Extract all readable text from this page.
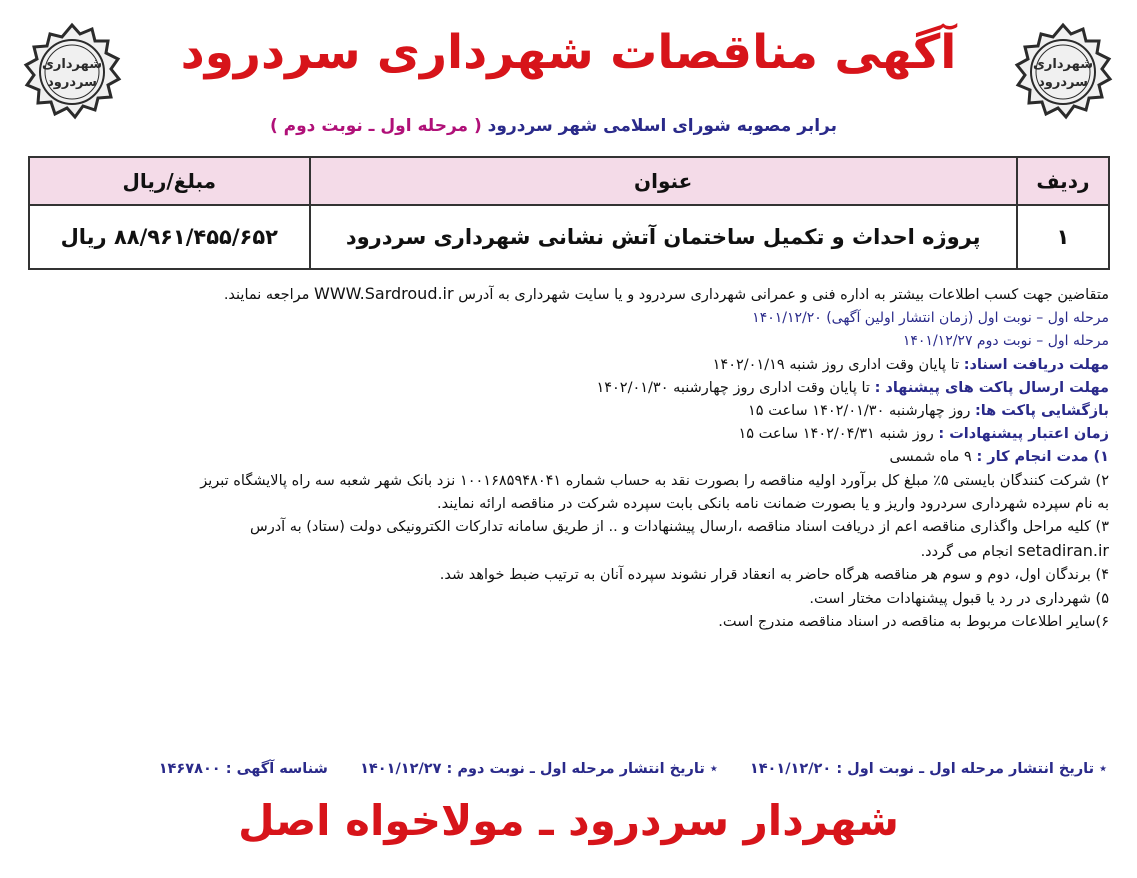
شهرداری
سردرود
شهرداری
سردرود
آگهی مناقصات شهرداری سردرود
برابر مصوبه شورای اسلامی شهر سردرود ( مرحله اول ـ نوبت دوم )
ردیف	عنوان	مبلغ/ریال
۱	پروژه احداث و تکمیل ساختمان آتش نشانی شهرداری سردرود	۸۸/۹۶۱/۴۵۵/۶۵۲ ریال
متقاضین جهت کسب اطلاعات بیشتر به اداره فنی و عمرانی شهرداری سردرود و یا سایت شهرداری به آدرس WWW.Sardroud.ir مراجعه نمایند.
مرحله اول – نوبت اول (زمان انتشار اولین آگهی) ۱۴۰۱/۱۲/۲۰
مرحله اول – نوبت دوم ۱۴۰۱/۱۲/۲۷
مهلت دریافت اسناد: تا پایان وقت اداری روز شنبه ۱۴۰۲/۰۱/۱۹
مهلت ارسال پاکت های پیشنهاد : تا پایان وقت اداری روز چهارشنبه ۱۴۰۲/۰۱/۳۰
بازگشایی پاکت ها: روز چهارشنبه ۱۴۰۲/۰۱/۳۰ ساعت ۱۵
زمان اعتبار پیشنهادات : روز شنبه ۱۴۰۲/۰۴/۳۱ ساعت ۱۵
۱) مدت انجام کار : ۹ ماه شمسی
۲) شرکت کنندگان بایستی ۵٪ مبلغ کل برآورد اولیه مناقصه را بصورت نقد به حساب شماره ۱۰۰۱۶۸۵۹۴۸۰۴۱ نزد بانک شهر شعبه سه راه پالایشگاه تبریز
به نام سپرده شهرداری سردرود واریز و یا بصورت ضمانت نامه بانکی بابت سپرده شرکت در مناقصه ارائه نمایند.
۳) کلیه مراحل واگذاری مناقصه اعم از دریافت اسناد مناقصه ،ارسال پیشنهادات و .. از طریق سامانه تدارکات الکترونیکی دولت (ستاد) به آدرس
setadiran.ir انجام می گردد.
۴) برندگان اول، دوم و سوم هر مناقصه هرگاه حاضر به انعقاد قرار نشوند سپرده آنان به ترتیب ضبط خواهد شد.
۵) شهرداری در رد یا قبول پیشنهادات مختار است.
۶)سایر اطلاعات مربوط به مناقصه در اسناد مناقصه مندرج است.
٭ تاریخ انتشار مرحله اول ـ نوبت اول : ۱۴۰۱/۱۲/۲۰  ٭ تاریخ انتشار مرحله اول ـ نوبت دوم : ۱۴۰۱/۱۲/۲۷  شناسه آگهی : ۱۴۶۷۸۰۰
شهردار سردرود ـ مولاخواه اصل
